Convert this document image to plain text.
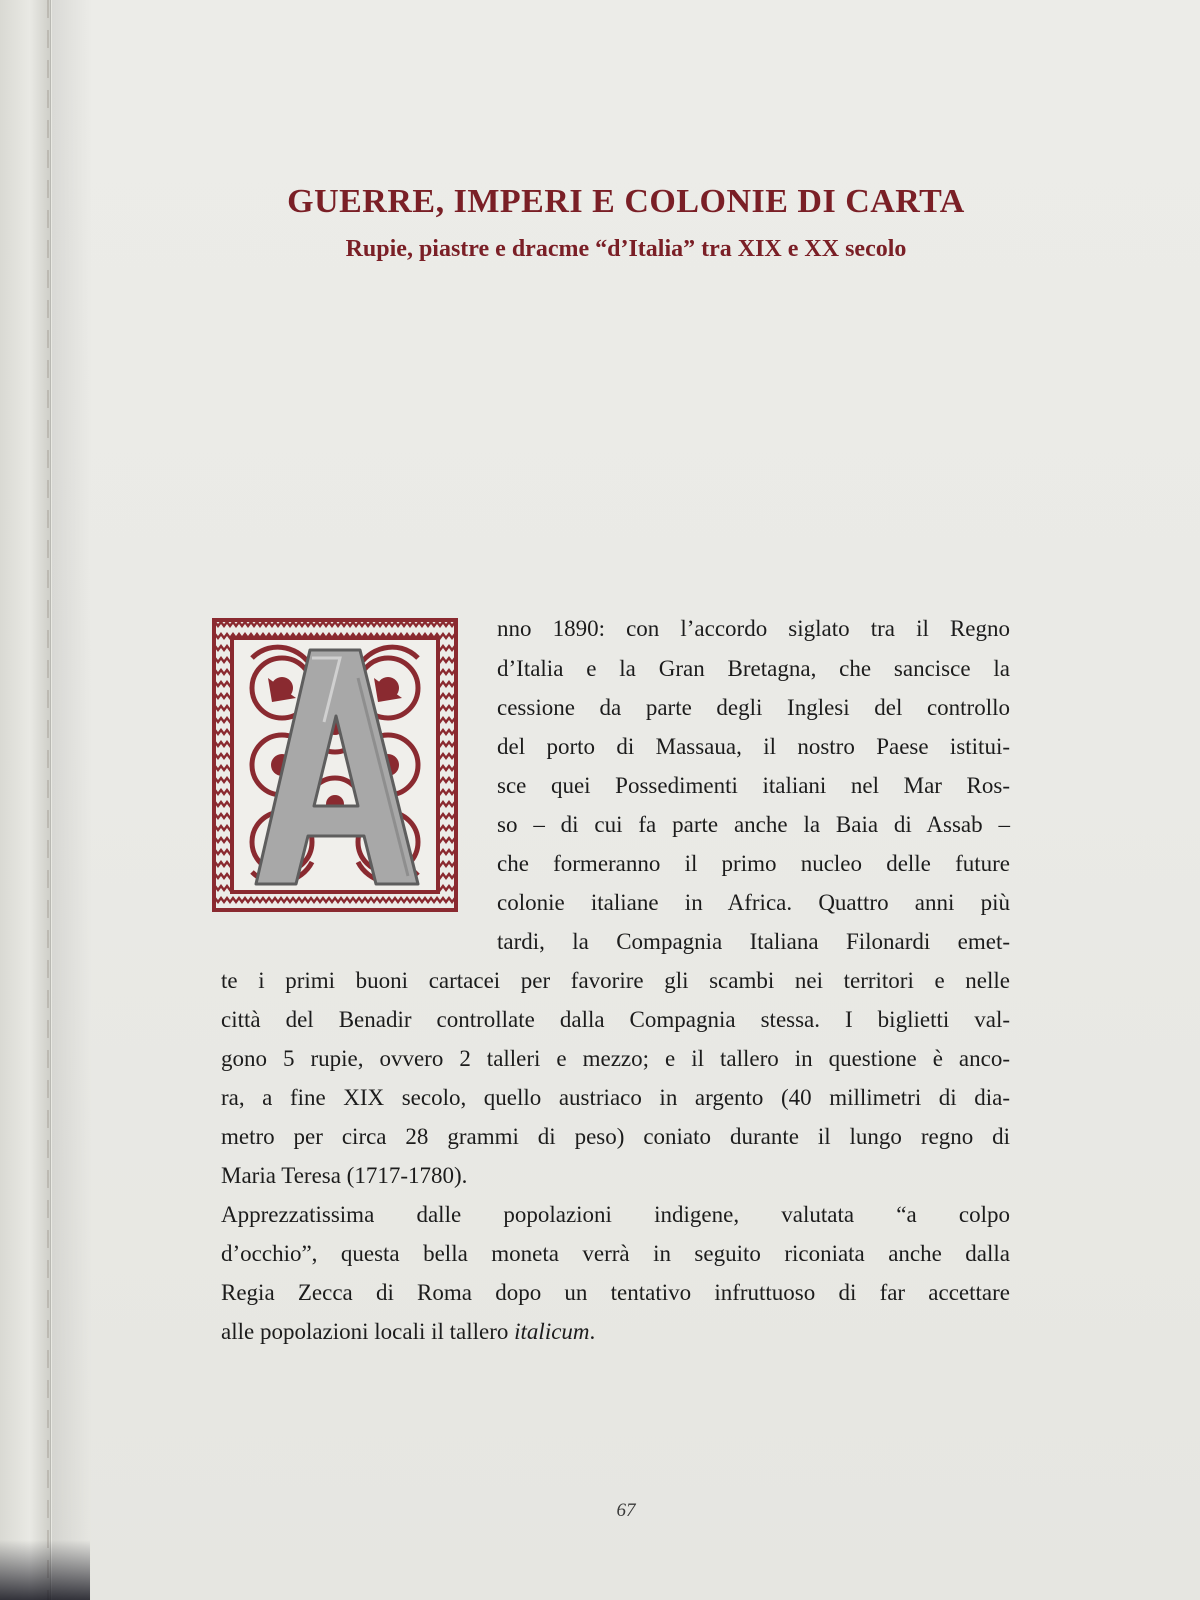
GUERRE, IMPERI E COLONIE DI CARTA
Rupie, piastre e dracme “d’Italia” tra XIX e XX secolo
nno 1890: con l’accordo siglato tra il Regno
d’Italia e la Gran Bretagna, che sancisce la
cessione da parte degli Inglesi del controllo
del porto di Massaua, il nostro Paese istitui-
sce quei Possedimenti italiani nel Mar Ros-
so – di cui fa parte anche la Baia di Assab –
che formeranno il primo nucleo delle future
colonie italiane in Africa. Quattro anni più
tardi, la Compagnia Italiana Filonardi emet-
te i primi buoni cartacei per favorire gli scambi nei territori e nelle
città del Benadir controllate dalla Compagnia stessa. I biglietti val-
gono 5 rupie, ovvero 2 talleri e mezzo; e il tallero in questione è anco-
ra, a fine XIX secolo, quello austriaco in argento (40 millimetri di dia-
metro per circa 28 grammi di peso) coniato durante il lungo regno di
Maria Teresa (1717-1780).
Apprezzatissima dalle popolazioni indigene, valutata “a colpo
d’occhio”, questa bella moneta verrà in seguito riconiata anche dalla
Regia Zecca di Roma dopo un tentativo infruttuoso di far accettare
alle popolazioni locali il tallero italicum.
67
